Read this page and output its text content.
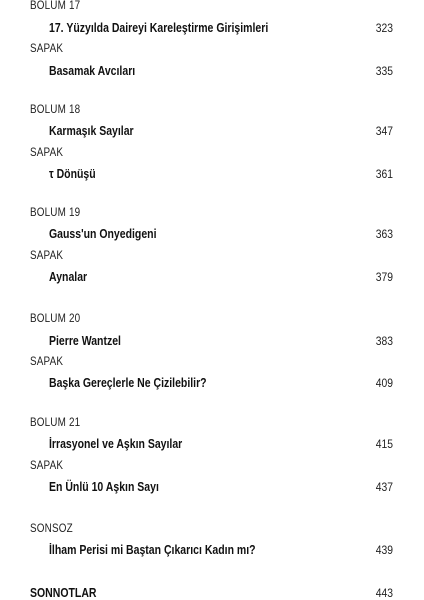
BÖLÜM 17
17. Yüzyılda Daireyi Kareleştirme Girişimleri	323
SAPAK
Basamak Avcıları	335
BÖLÜM 18
Karmaşık Sayılar	347
SAPAK
τ Dönüşü	361
BÖLÜM 19
Gauss'un Onyedigeni	363
SAPAK
Aynalar	379
BÖLÜM 20
Pierre Wantzel	383
SAPAK
Başka Gereçlerle Ne Çizilebilir?	409
BÖLÜM 21
İrrasyonel ve Aşkın Sayılar	415
SAPAK
En Ünlü 10 Aşkın Sayı	437
SONSÖZ
İlham Perisi mi Baştan Çıkarıcı Kadın mı?	439
SONNOTLAR	443
